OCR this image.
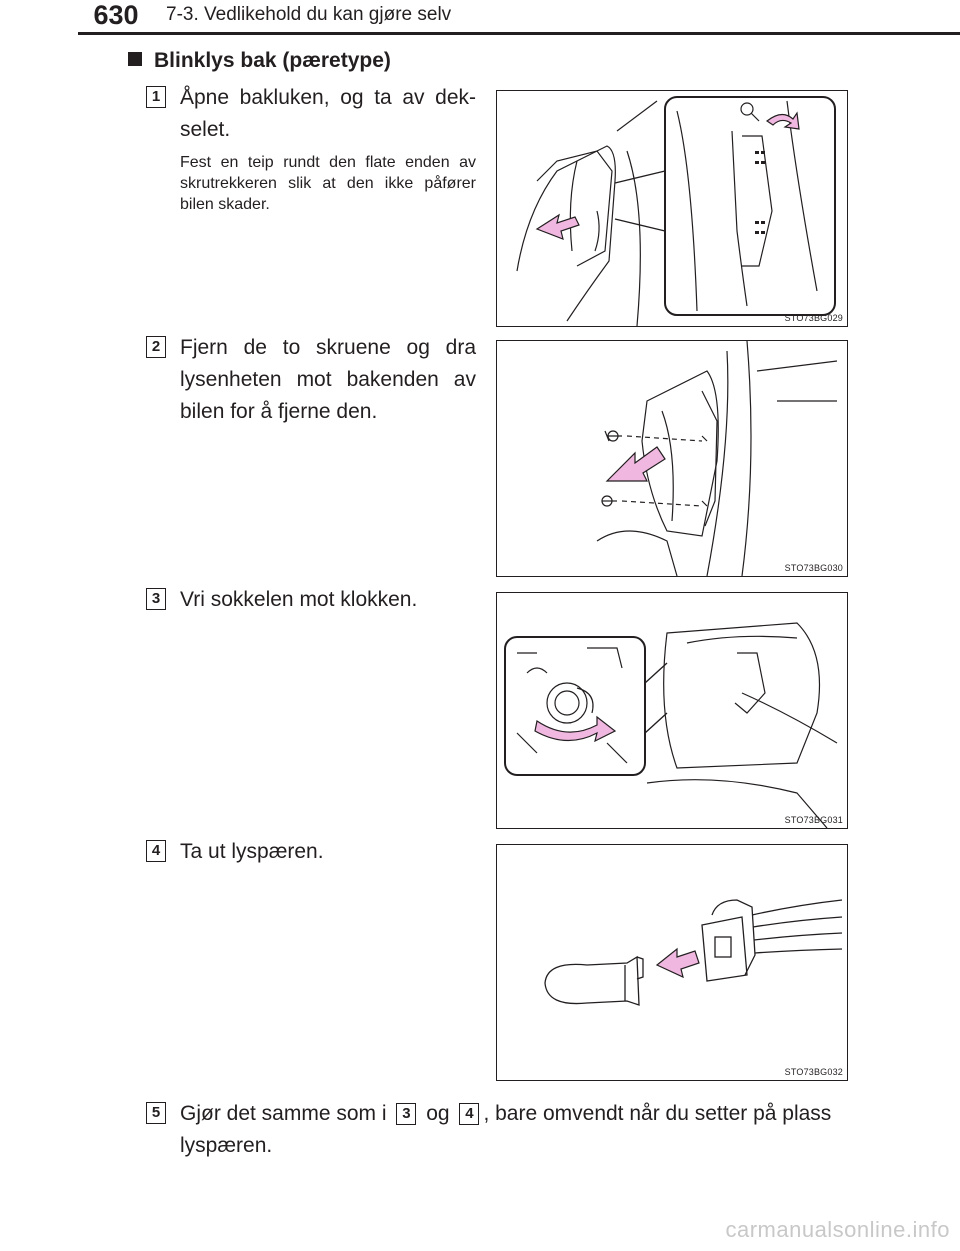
630	7-3. Vedlikehold du kan gjøre selv
Blinklys bak (pæretype)
1 Åpne bakluken, og ta av dek-selet.
Fest en teip rundt den flate enden av skrutrekkeren slik at den ikke påfører bilen skader.
STO73BG029
2 Fjern de to skruene og dra lysenheten mot bakenden av bilen for å fjerne den.
STO73BG030
3 Vri sokkelen mot klokken.
STO73BG031
4 Ta ut lyspæren.
STO73BG032
5 Gjør det samme som i 3 og 4 , bare omvendt når du setter på plass lyspæren.
carmanualsonline.info
